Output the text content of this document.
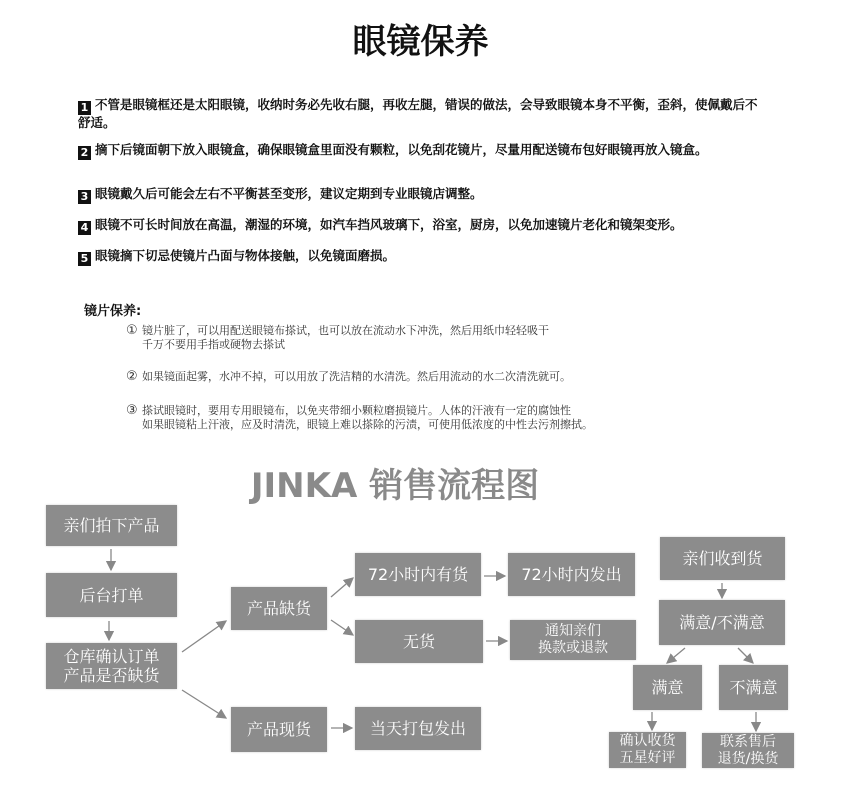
眼镜保养
1 不管是眼镜框还是太阳眼镜，收纳时务必先收右腿，再收左腿，错误的做法，会导致眼镜本身不平衡，歪斜，使佩戴后不舒适。
2 摘下后镜面朝下放入眼镜盒，确保眼镜盒里面没有颗粒，以免刮花镜片，尽量用配送镜布包好眼镜再放入镜盒。
3 眼镜戴久后可能会左右不平衡甚至变形，建议定期到专业眼镜店调整。
4 眼镜不可长时间放在高温，潮湿的环境，如汽车挡风玻璃下，浴室，厨房，以免加速镜片老化和镜架变形。
5 眼镜摘下切忌使镜片凸面与物体接触，以免镜面磨损。
镜片保养:
① 镜片脏了，可以用配送眼镜布搽试，也可以放在流动水下冲洗，然后用纸巾轻轻吸干
千万不要用手指或硬物去搽试
② 如果镜面起雾，水冲不掉，可以用放了洗洁精的水清洗。然后用流动的水二次清洗就可。
③ 搽试眼镜时，要用专用眼镜布，以免夹带细小颗粒磨损镜片。人体的汗液有一定的腐蚀性
如果眼镜粘上汗液，应及时清洗，眼镜上难以搽除的污渍，可使用低浓度的中性去污剂擦拭。
JINKA 销售流程图
亲们拍下产品
后台打单
仓库确认订单
产品是否缺货
产品缺货
72小时内有货	72小时内发出
无货
通知亲们
换款或退款
产品现货	当天打包发出
亲们收到货
满意/不满意
满意	不满意
确认收货
五星好评
联系售后
退货/换货
